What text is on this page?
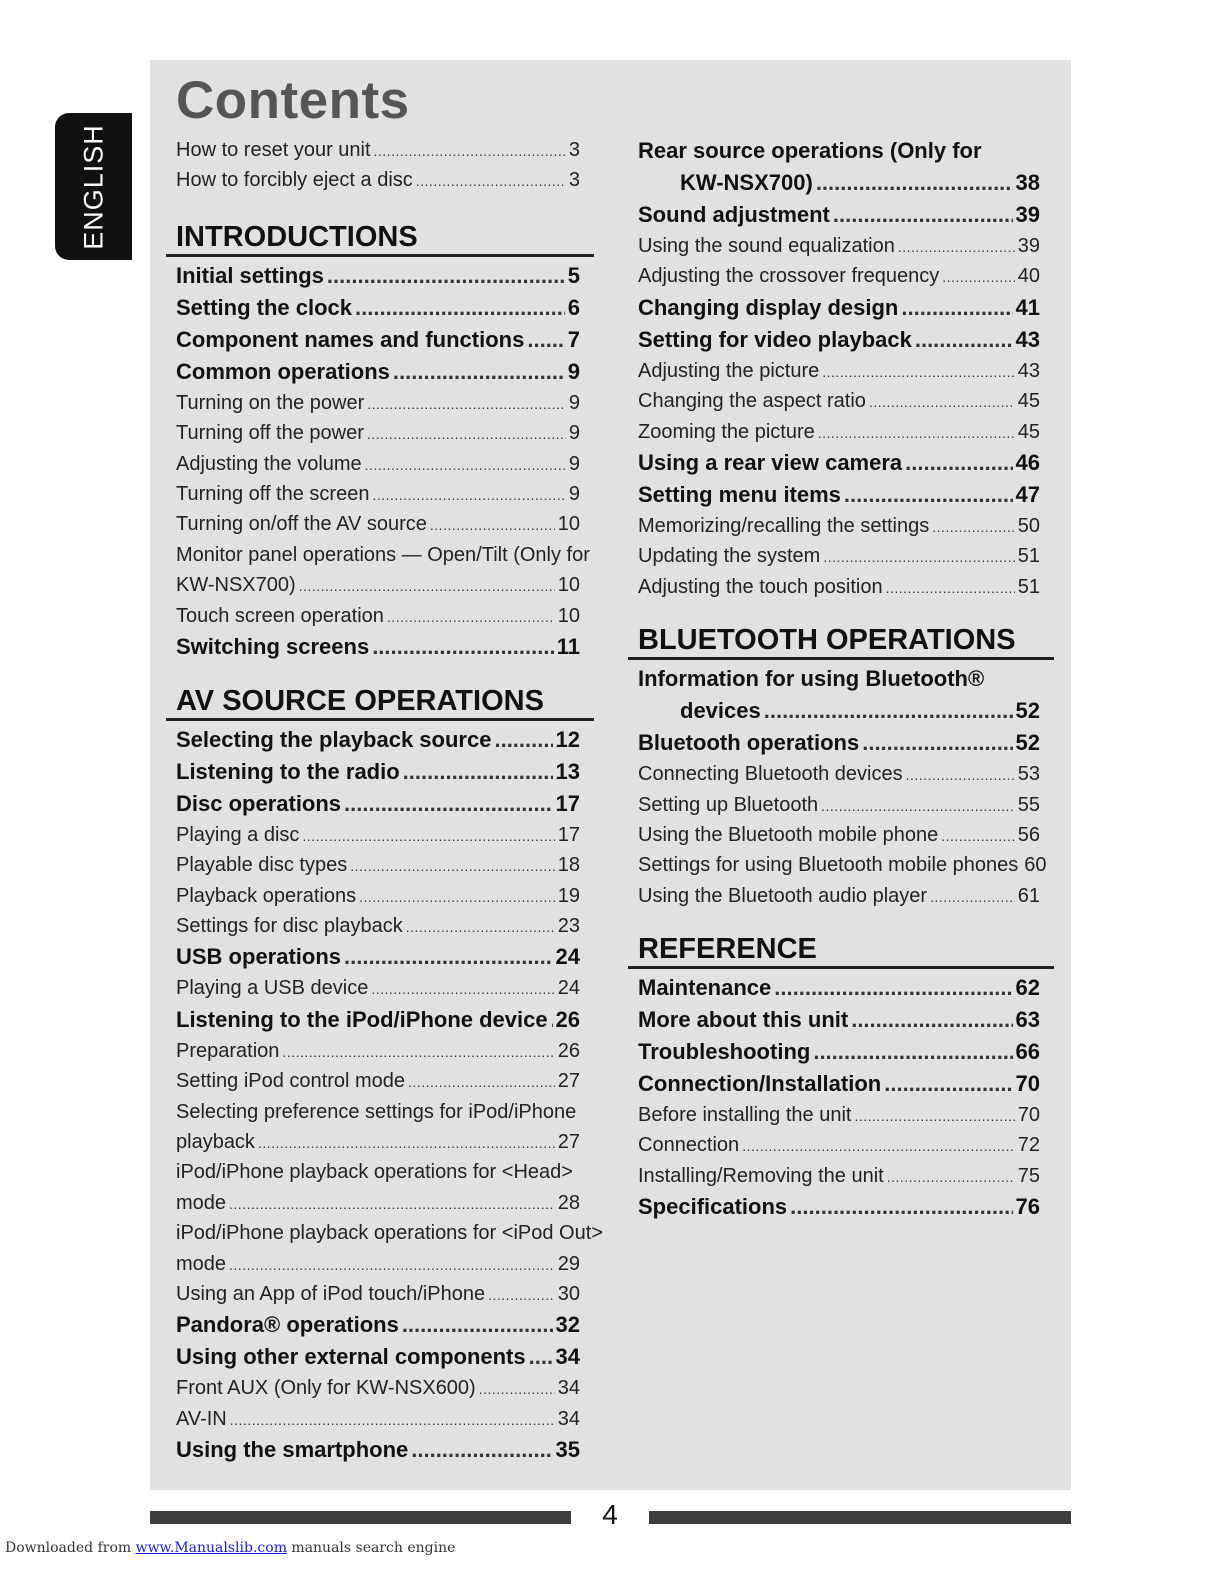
ENGLISH
Contents
How to reset your unit .....	3
How to forcibly eject a disc .....	3
INTRODUCTIONS
Initial settings .....	5
Setting the clock .....	6
Component names and functions ..... 7
Common operations .....	9
Turning on the power .....	9
Turning off the power .....	9
Adjusting the volume .....	9
Turning off the screen .....	9
Turning on/off the AV source .....	10
Monitor panel operations — Open/Tilt (Only for
KW-NSX700) .....	10
Touch screen operation .....	10
Switching screens .....	11
AV SOURCE OPERATIONS
Selecting the playback source .....	12
Listening to the radio .....	13
Disc operations .....	17
Playing a disc .....	17
Playable disc types .....	18
Playback operations .....	19
Settings for disc playback .....	23
USB operations .....	24
Playing a USB device .....	24
Listening to the iPod/iPhone device ..... 26
Preparation .....	26
Setting iPod control mode .....	27
Selecting preference settings for iPod/iPhone
playback .....	27
iPod/iPhone playback operations for <Head>
mode .....	28
iPod/iPhone playback operations for <iPod Out>
mode .....	29
Using an App of iPod touch/iPhone .....	30
Pandora® operations .....	32
Using other external components ..... 34
Front AUX (Only for KW-NSX600) .....	34
AV-IN .....	34
Using the smartphone .....	35
Rear source operations (Only for
KW-NSX700) .....	38
Sound adjustment .....	39
Using the sound equalization .....	39
Adjusting the crossover frequency .....	40
Changing display design .....	41
Setting for video playback .....	43
Adjusting the picture .....	43
Changing the aspect ratio .....	45
Zooming the picture .....	45
Using a rear view camera .....	46
Setting menu items .....	47
Memorizing/recalling the settings .....	50
Updating the system .....	51
Adjusting the touch position .....	51
BLUETOOTH OPERATIONS
Information for using Bluetooth®
devices .....	52
Bluetooth operations .....	52
Connecting Bluetooth devices .....	53
Setting up Bluetooth .....	55
Using the Bluetooth mobile phone .....	56
Settings for using Bluetooth mobile phones 60
Using the Bluetooth audio player .....	61
REFERENCE
Maintenance .....	62
More about this unit .....	63
Troubleshooting .....	66
Connection/Installation .....	70
Before installing the unit .....	70
Connection .....	72
Installing/Removing the unit .....	75
Specifications .....	76
4
Downloaded from www.Manualslib.com manuals search engine
